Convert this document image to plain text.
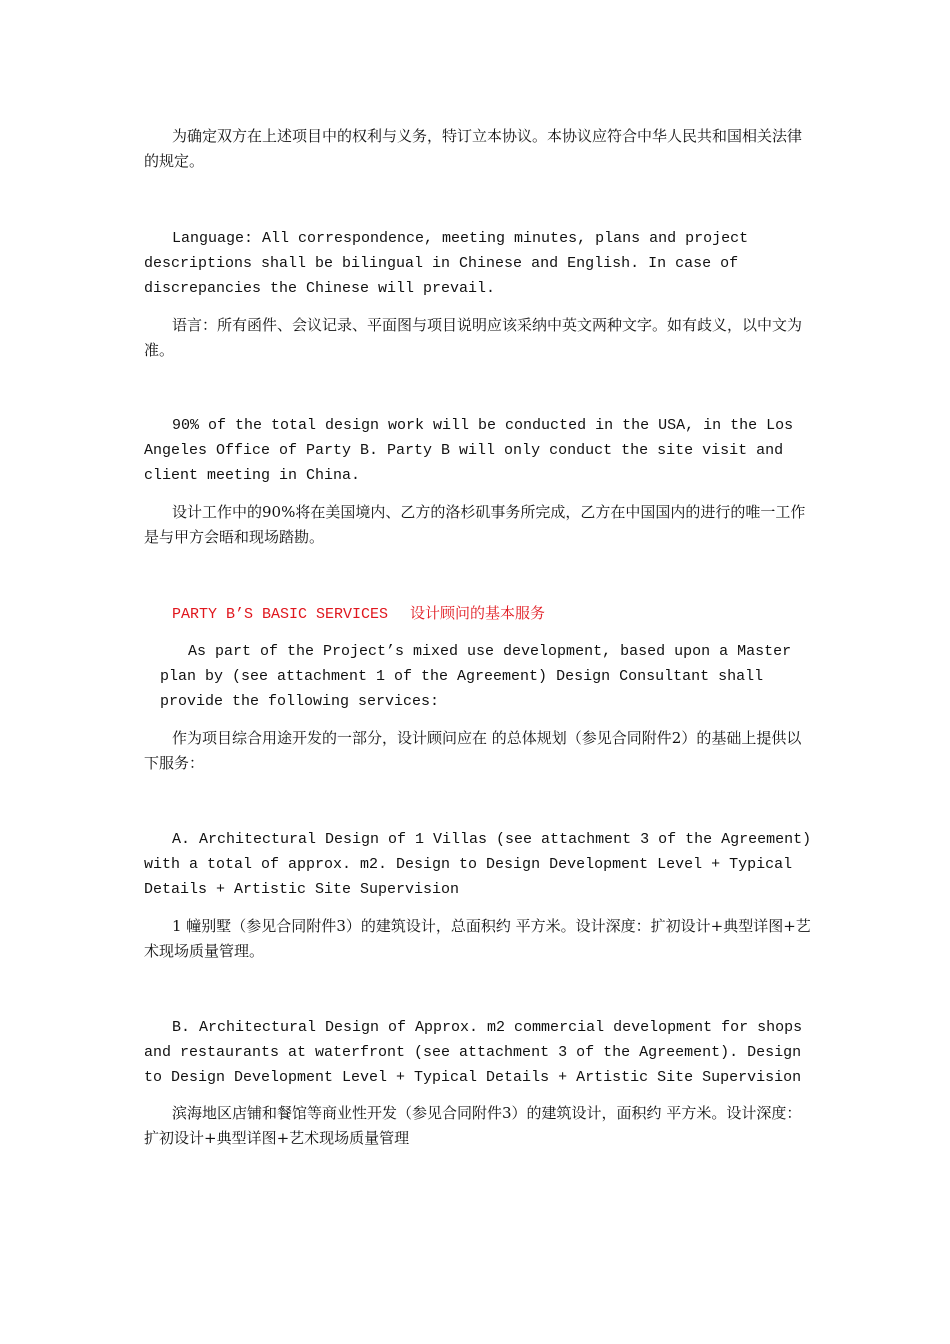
为确定双方在上述项目中的权利与义务，特订立本协议。本协议应符合中华人民共和国相关法律的规定。

Language: All correspondence, meeting minutes, plans and project descriptions shall be bilingual in Chinese and English. In case of discrepancies the Chinese will prevail.

语言：所有函件、会议记录、平面图与项目说明应该采纳中英文两种文字。如有歧义，以中文为准。

90% of the total design work will be conducted in the USA, in the Los Angeles Office of Party B. Party B will only conduct the site visit and client meeting in China.

设计工作中的90%将在美国境内、乙方的洛杉矶事务所完成，乙方在中国国内的进行的唯一工作是与甲方会晤和现场踏勘。

PARTY B’S BASIC SERVICES 设计顾问的基本服务

As part of the Project’s mixed use development, based upon a Master plan by (see attachment 1 of the Agreement) Design Consultant shall provide the following services:

作为项目综合用途开发的一部分，设计顾问应在 的总体规划（参见合同附件2）的基础上提供以下服务：

A. Architectural Design of 1 Villas (see attachment 3 of the Agreement) with a total of approx. m2. Design to Design Development Level + Typical Details + Artistic Site Supervision

1 幢别墅（参见合同附件3）的建筑设计，总面积约 平方米。设计深度：扩初设计+典型详图+艺术现场质量管理。

B. Architectural Design of Approx. m2 commercial development for shops and restaurants at waterfront (see attachment 3 of the Agreement). Design to Design Development Level + Typical Details + Artistic Site Supervision

滨海地区店铺和餐馆等商业性开发（参见合同附件3）的建筑设计，面积约 平方米。设计深度：扩初设计+典型详图+艺术现场质量管理
